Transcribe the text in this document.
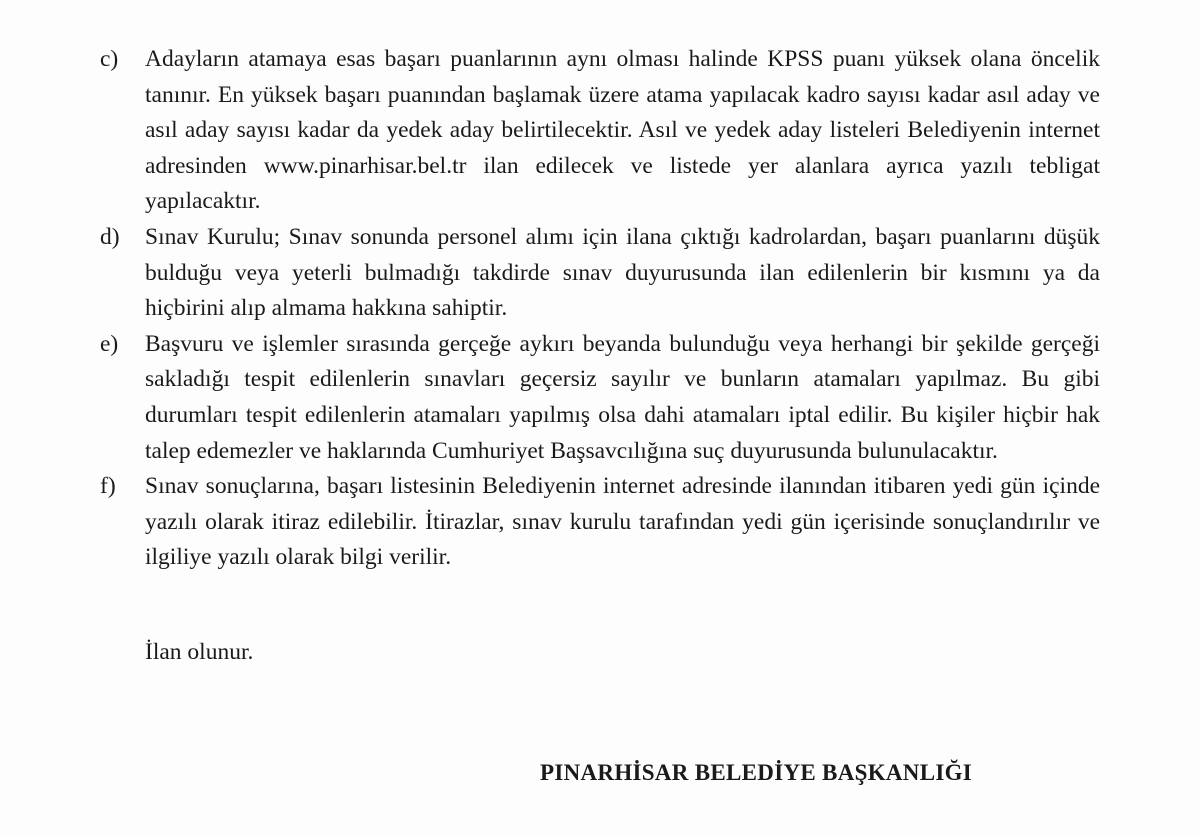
c) Adayların atamaya esas başarı puanlarının aynı olması halinde KPSS puanı yüksek olana öncelik tanınır. En yüksek başarı puanından başlamak üzere atama yapılacak kadro sayısı kadar asıl aday ve asıl aday sayısı kadar da yedek aday belirtilecektir. Asıl ve yedek aday listeleri Belediyenin internet adresinden www.pinarhisar.bel.tr ilan edilecek ve listede yer alanlara ayrıca yazılı tebligat yapılacaktır.
d) Sınav Kurulu; Sınav sonunda personel alımı için ilana çıktığı kadrolardan, başarı puanlarını düşük bulduğu veya yeterli bulmadığı takdirde sınav duyurusunda ilan edilenlerin bir kısmını ya da hiçbirini alıp almama hakkına sahiptir.
e) Başvuru ve işlemler sırasında gerçeğe aykırı beyanda bulunduğu veya herhangi bir şekilde gerçeği sakladığı tespit edilenlerin sınavları geçersiz sayılır ve bunların atamaları yapılmaz. Bu gibi durumları tespit edilenlerin atamaları yapılmış olsa dahi atamaları iptal edilir. Bu kişiler hiçbir hak talep edemezler ve haklarında Cumhuriyet Başsavcılığına suç duyurusunda bulunulacaktır.
f) Sınav sonuçlarına, başarı listesinin Belediyenin internet adresinde ilanından itibaren yedi gün içinde yazılı olarak itiraz edilebilir. İtirazlar, sınav kurulu tarafından yedi gün içerisinde sonuçlandırılır ve ilgiliye yazılı olarak bilgi verilir.
İlan olunur.
PINARHİSAR BELEDİYE BAŞKANLIĞI
